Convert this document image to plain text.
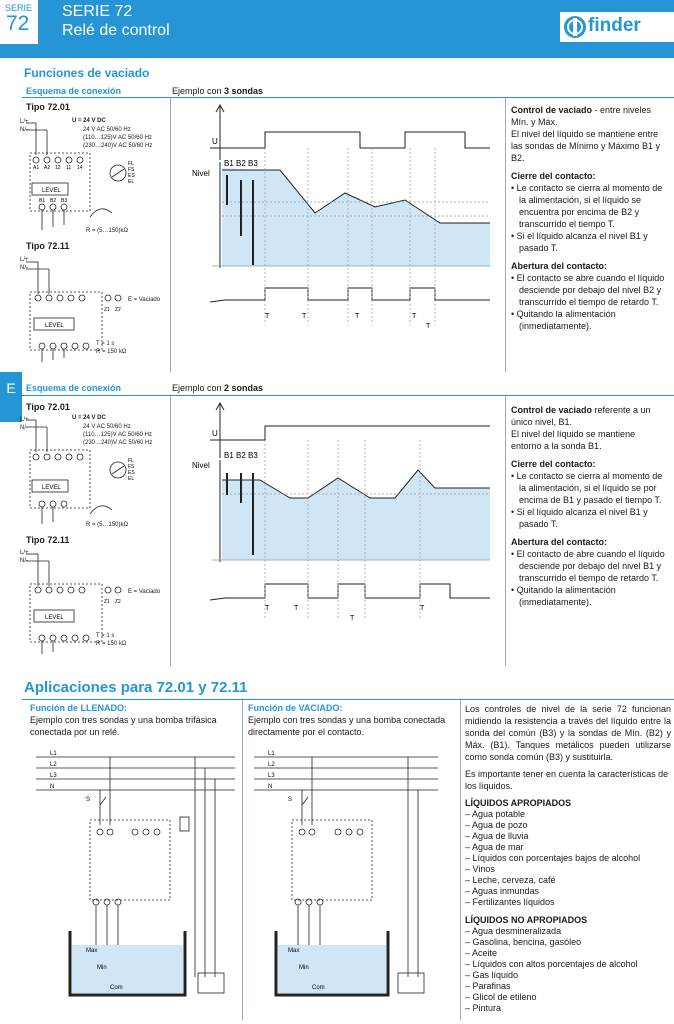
SERIE
72
SERIE 72
Relé de control	finder
E
Funciones de vaciado
Esquema de conexión	Ejemplo con 3 sondas
Tipo 72.01
L/+
N/-
U = 24 V DC
24 V AC 50/60 Hz
(110…125)V AC 50/60 Hz
(230…240)V AC 50/60 Hz
LEVEL
A1 A2 12 11 14
B1 B2 B3
FL
FS
ES
EL
R = (5…150)kΩ
Tipo 72.11
L/+
N/-
LEVEL
Z1 Z2
E = Vaciado
T = 1 s
R = 150 kΩ
U
Nivel
B1 B2 B3
T	T	T	T
T

Control de vaciado - entre niveles Mín. y Máx.
El nivel del líquido se mantiene entre las sondas de Mínimo y Máximo B1 y B2.

Cierre del contacto:
• Le contacto se cierra al momento de la alimentación, si el líquido se encuentra por encima de B2 y transcurrido el tiempo T.
• Si el líquido alcanza el nivel B1 y pasado T.
Abertura del contacto:
• El contacto se abre cuando el líquido desciende por debajo del nivel B2 y transcurrido el tiempo de retardo T.
• Quitando la alimentación (inmediatamente).
Esquema de conexión	Ejemplo con 2 sondas
Tipo 72.01
L/+
N/-
U = 24 V DC
24 V AC 50/60 Hz
(110…125)V AC 50/60 Hz
(230…240)V AC 50/60 Hz
LEVEL
FL
FS
ES
EL
R = (5…150)kΩ
Tipo 72.11
L/+
N/-
LEVEL
Z1 Z2
E = Vaciado
T = 1 s
R = 150 kΩ
U
Nivel
B1 B2 B3
T	T
T
T

Control de vaciado referente a un único nivel, B1.
El nivel del líquido se mantiene entorno a la sonda B1.

Cierre del contacto:
• Le contacto se cierra al momento de la alimentación, si el líquido se por encima de B1 y pasado el tiempo T.
• Si el líquido alcanza el nivel B1 y pasado T.
Abertura del contacto:
• El contacto de abre cuando el líquido desciende por debajo del nivel B1 y transcurrido el tiempo de retardo T.
• Quitando la alimentación (inmediatamente).
Aplicaciones para 72.01 y 72.11
Función de LLENADO:
Ejemplo con tres sondas y una bomba trifásica conectada por un relé.
Función de VACIADO:
Ejemplo con tres sondas y una bomba conectada directamente por el contacto.
L1
L2
L3
N
S
Max
Min
Com
L1
L2
L3
N
S
Max
Min
Com
Los controles de nivel de la serie 72 funcionan midiendo la resistencia a través del líquido entre la sonda del común (B3) y la sondas de Mín. (B2) y Máx. (B1). Tanques metálicos pueden utilizarse como sonda común (B3) y sustituirla.
Es importante tener en cuenta la características de los líquidos.
LÍQUIDOS APROPIADOS
– Agua potable
– Agua de pozo
– Agua de lluvia
– Agua de mar
– Líquidos con porcentajes bajos de alcohol
– Vinos
– Leche, cerveza, café
– Aguas inmundas
– Fertilizantes líquidos
LÍQUIDOS NO APROPIADOS
– Agua desmineralizada
– Gasolina, bencina, gasóleo
– Aceite
– Líquidos con altos porcentajes de alcohol
– Gas líquido
– Parafinas
– Glicol de etileno
– Pintura
